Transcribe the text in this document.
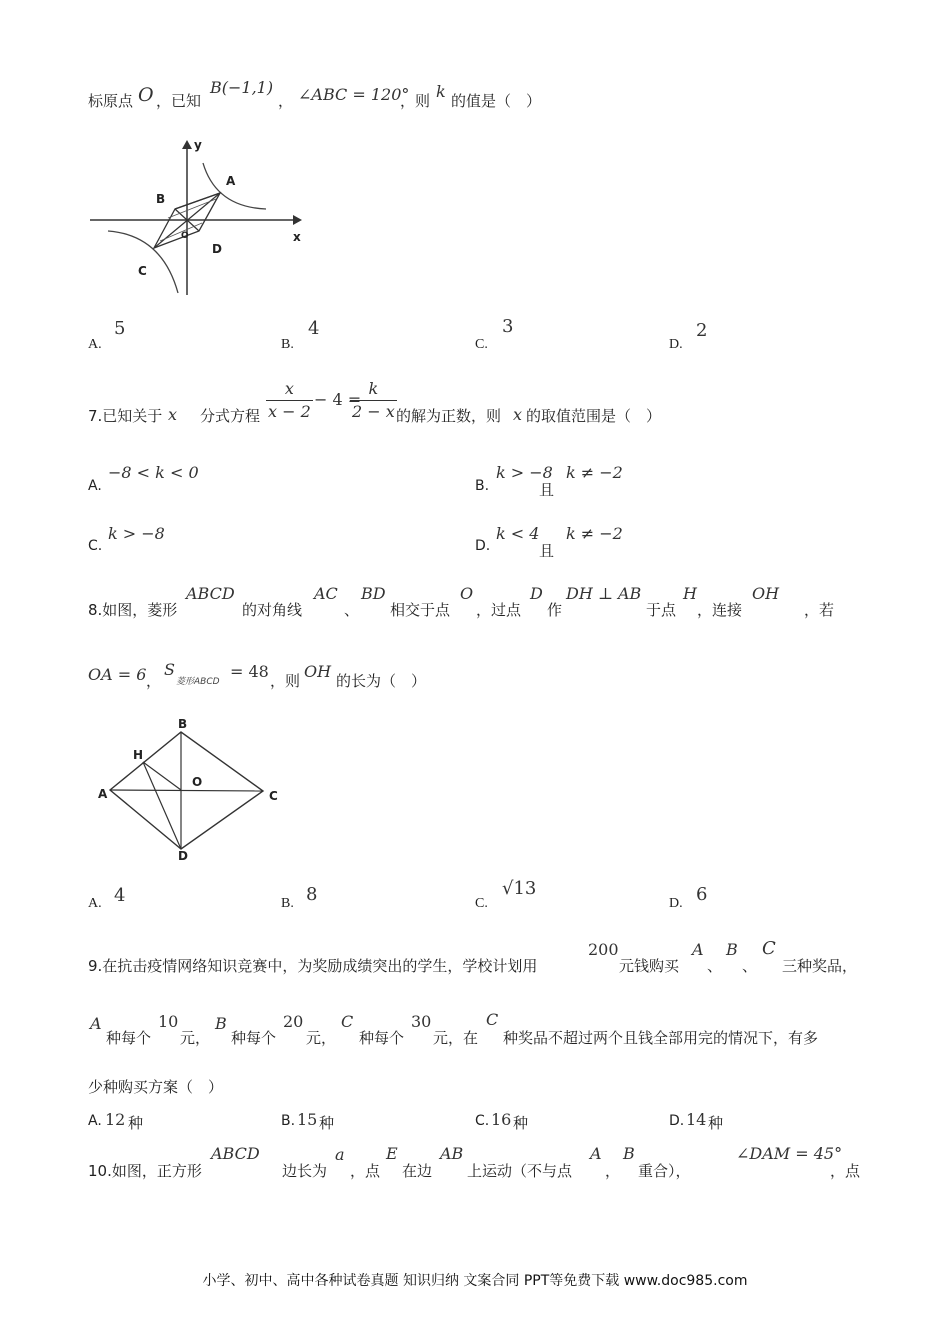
标原点 O ，已知
B(−1,1)
， ∠ABC = 120°
，则 k 的值是（　）
y
x
A
B
C
D
O
A.
5
B.
4
C.
3
D.
2
7.已知关于 x 分式方程 $\frac{x}{x - 2} - 4$ =
$\frac{k}{2 - x}$ 的解为正数，则 x 的取值范围是（　）
A.
−8 < k < 0
B.
k > −8
且
k ≠ −2
C.
k > −8
D.
k < 4
且
k ≠ −2
8.如图，菱形
ABCD
的对角线
AC
、
BD
相交于点
O
，过点
D
作
DH ⊥ AB
于点
H
，连接
OH
，若
OA = 6 ，
S
菱形ABCD
= 48 ，则 OH 的长为（　）
B
H
O
A	C
D
A. 4	B. 8	C.
√13
D. 6
9.在抗击疫情网络知识竞赛中，为奖励成绩突出的学生，学校计划用
200
元钱购买
A
、
B
、
C
三种奖品，
A
种每个
10
元，
B
种每个
20
元，
C
种每个
30
元，在
C
种奖品不超过两个且钱全部用完的情况下，有多
少种购买方案（　）
A. 12 种	B. 15 种	C. 16 种	D. 14 种
10.如图，正方形
ABCD
边长为
a
，点
E
在边
AB
上运动（不与点
A
，
B
重合），
∠DAM = 45°
，点
小学、初中、高中各种试卷真题 知识归纳 文案合同 PPT等免费下载 www.doc985.com
